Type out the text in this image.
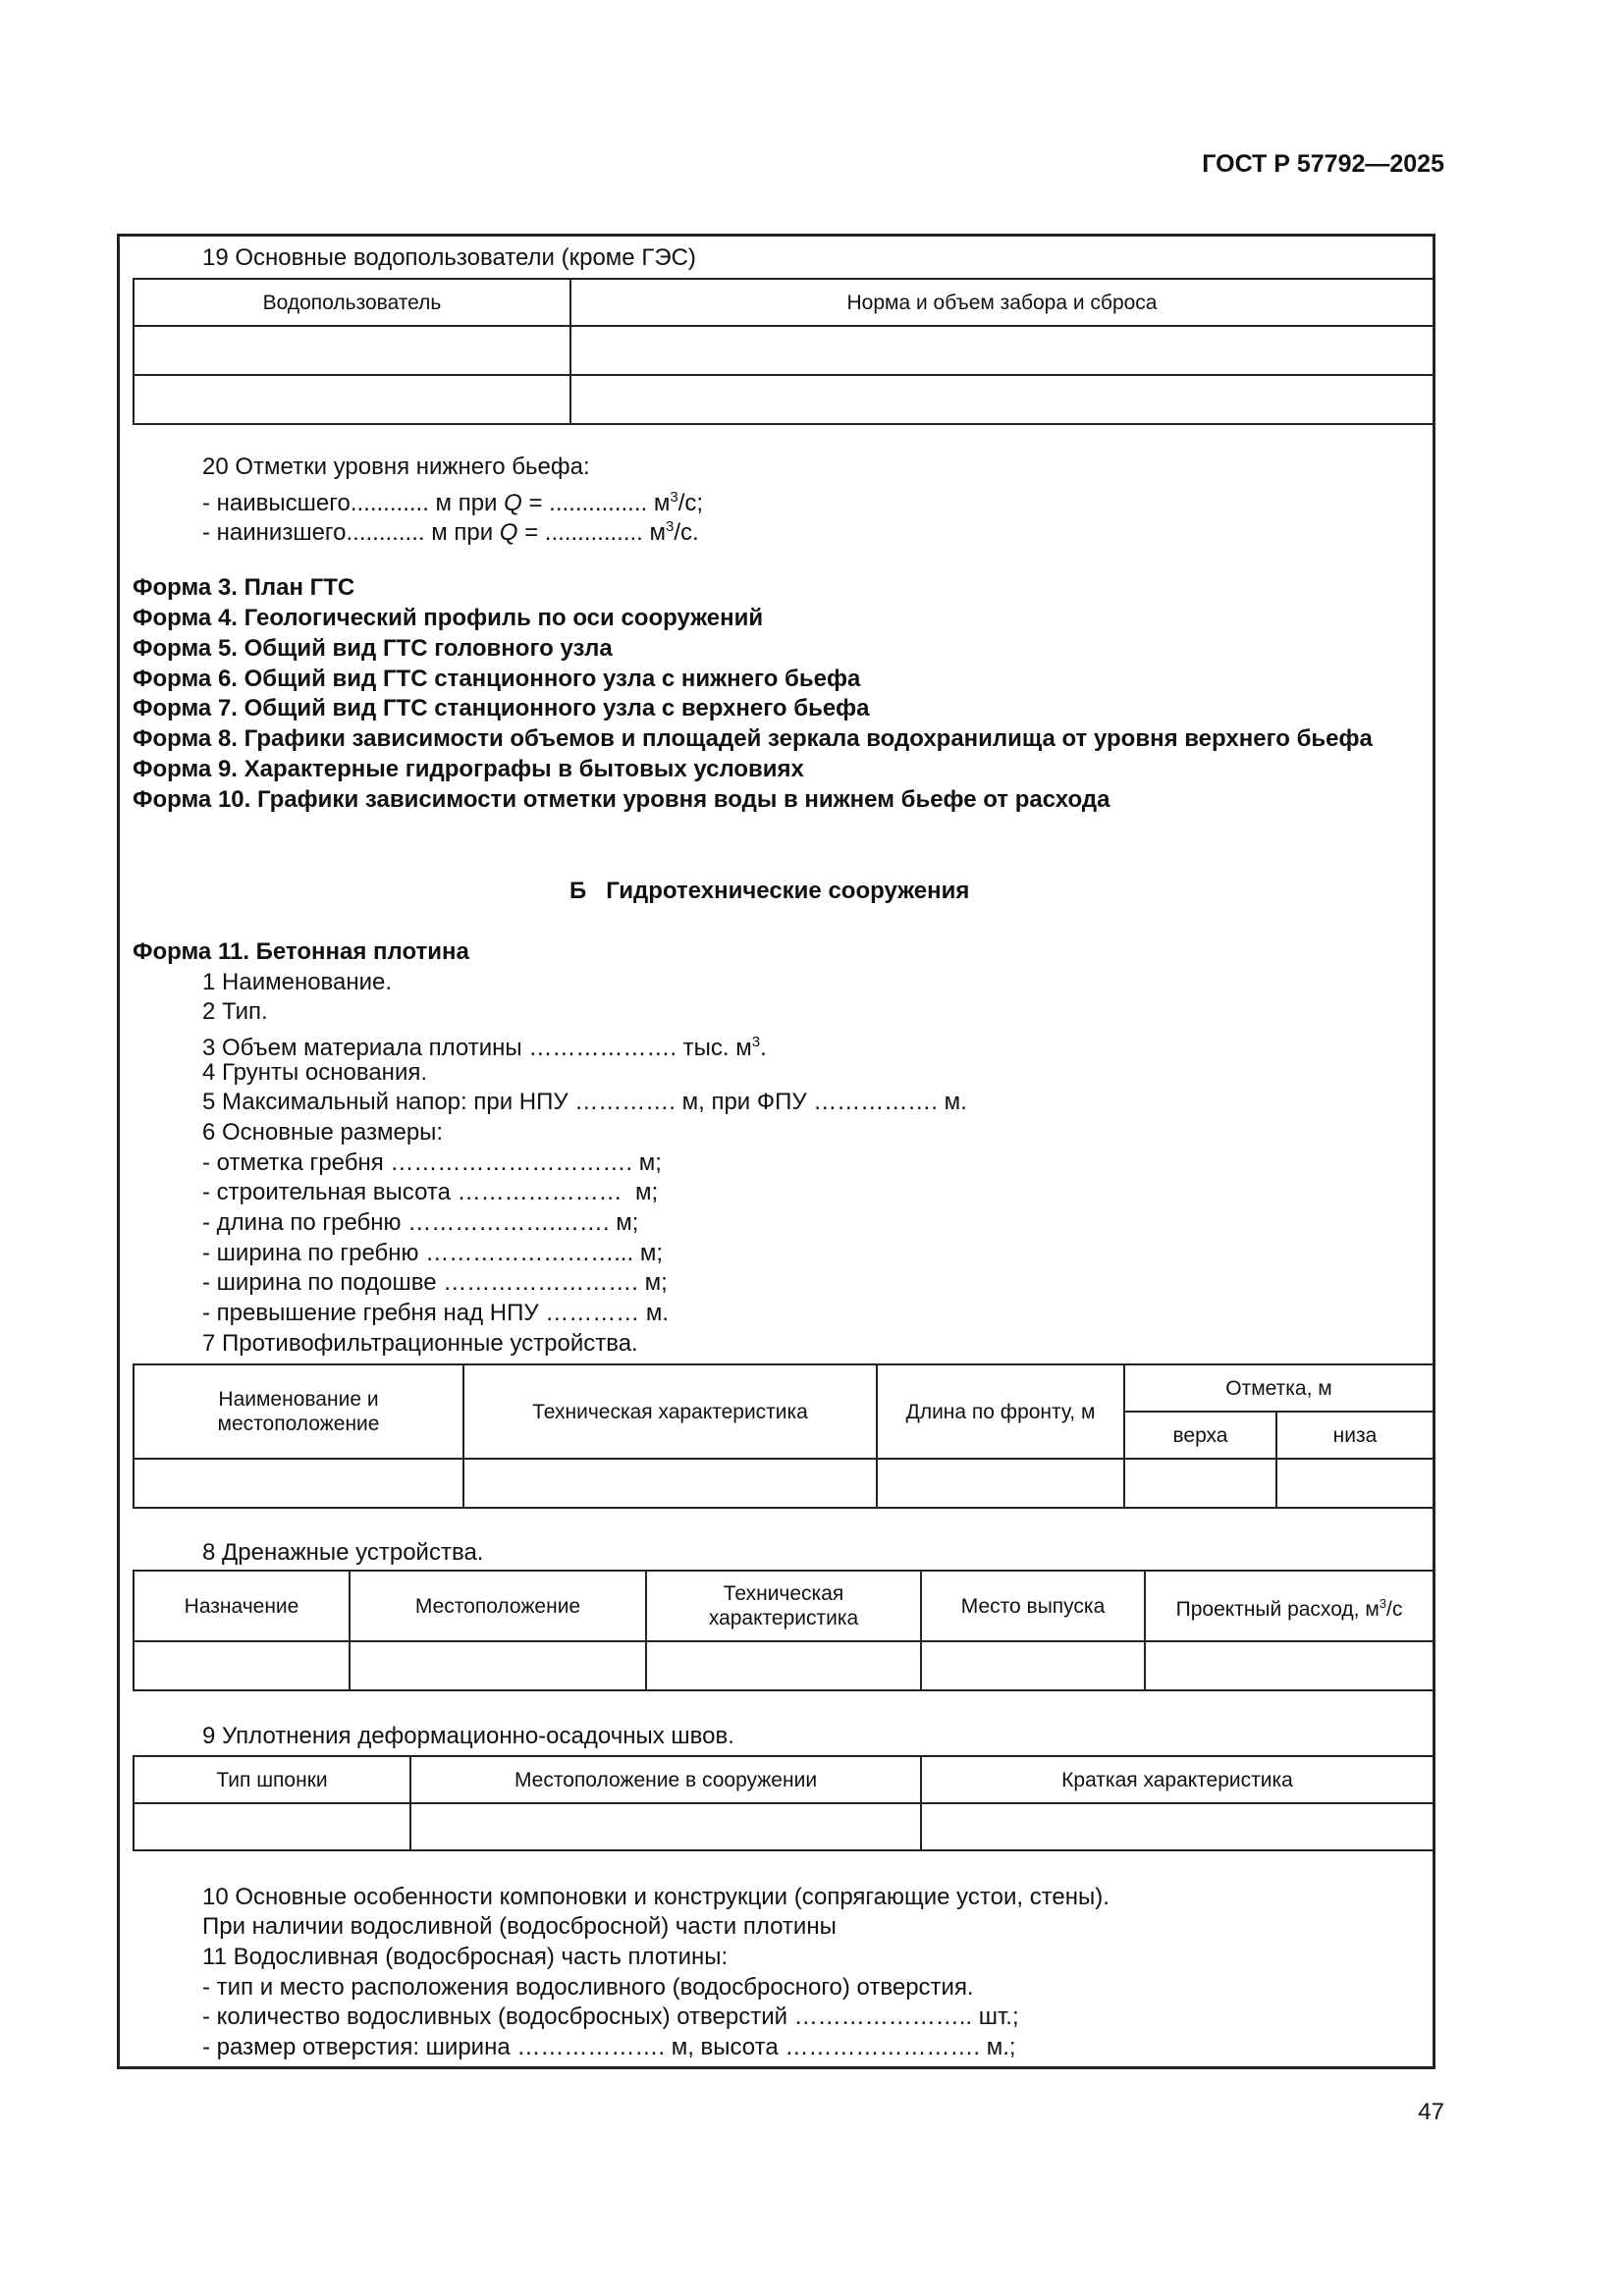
ГОСТ Р 57792—2025
19 Основные водопользователи (кроме ГЭС)
Водопользователь	Норма и объем забора и сброса

20 Отметки уровня нижнего бьефа:
- наивысшего............ м при Q = ............... $м^3/с$;
- наинизшего............ м при Q = ............... $м^3/с$.
Форма 3. План ГТС
Форма 4. Геологический профиль по оси сооружений
Форма 5. Общий вид ГТС головного узла
Форма 6. Общий вид ГТС станционного узла с нижнего бьефа
Форма 7. Общий вид ГТС станционного узла с верхнего бьефа
Форма 8. Графики зависимости объемов и площадей зеркала водохранилища от уровня верхнего бьефа
Форма 9. Характерные гидрографы в бытовых условиях
Форма 10. Графики зависимости отметки уровня воды в нижнем бьефе от расхода
Б   Гидротехнические сооружения
Форма 11. Бетонная плотина
1 Наименование.
2 Тип.
3 Объем материала плотины ………………. тыс. $м^3$.
4 Грунты основания.
5 Максимальный напор: при НПУ …………. м, при ФПУ ……………. м.
6 Основные размеры:
- отметка гребня …………………………. м;
- строительная высота …………………  м;
- длина по гребню ……………….……. м;
- ширина по гребню ……………………... м;
- ширина по подошве ……………………. м;
- превышение гребня над НПУ ………… м.
7 Противофильтрационные устройства.
Наименование и местоположение	Техническая характеристика	Длина по фронту, м	Отметка, м	
			верха	низа

8 Дренажные устройства.
Назначение	Местоположение	Техническая характеристика	Место выпуска	Проектный расход, $м^3/с$

9 Уплотнения деформационно-осадочных швов.
Тип шпонки	Местоположение в сооружении	Краткая характеристика

10 Основные особенности компоновки и конструкции (сопрягающие устои, стены).
При наличии водосливной (водосбросной) части плотины
11 Водосливная (водосбросная) часть плотины:
- тип и место расположения водосливного (водосбросного) отверстия.
- количество водосливных (водосбросных) отверстий ………………….. шт.;
- размер отверстия: ширина ………………. м, высота ……………………. м.;
47
